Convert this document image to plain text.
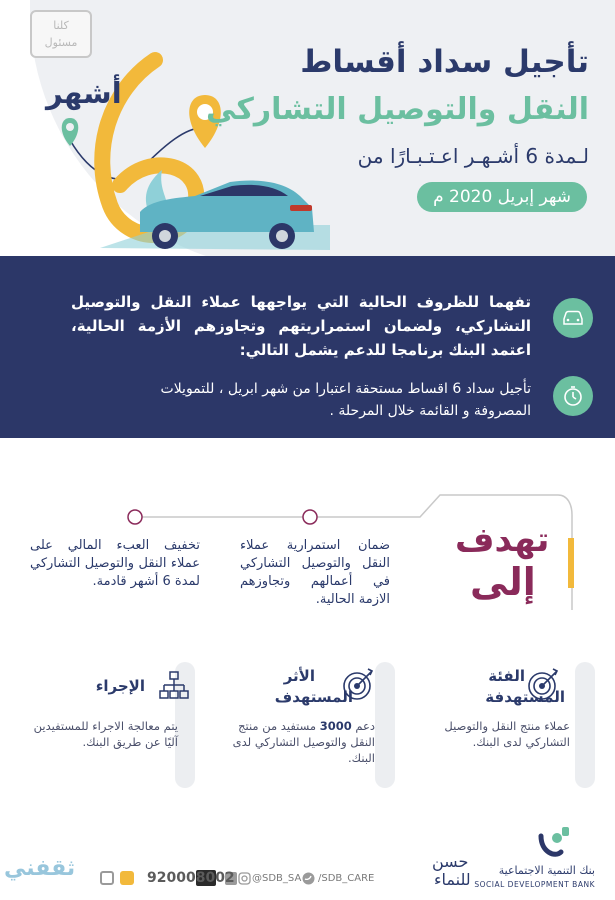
كلنا
مسئول
أشهر
تأجيل سداد أقساط
النقل والتوصيل التشاركي
لـمدة 6 أشـهـر اعـتـبـارًا من
شهر إبريل 2020 م
تفهما للظروف الحالية التي يواجهها عملاء النقل والتوصيل التشاركي، ولضمان استمراريتهم وتجاوزهم الأزمة الحالية، اعتمد البنك برنامجا للدعم يشمل التالي:
تأجيل سداد 6 اقساط مستحقة اعتبارا من شهر ابريل ، للتمويلات المصروفة و القائمة خلال المرحلة .
تهدف
إلى
ضمان استمرارية عملاء النقل والتوصيل التشاركي في أعمالهم وتجاوزهم الازمة الحالية.
تخفيف العبء المالي على عملاء النقل والتوصيل التشاركي لمدة 6 أشهر قادمة.
الفئة
المستهدفة
عملاء منتج النقل والتوصيل التشاركي لدى البنك.
الأثر
المستهدف
دعم 3000 مستفيد من منتج النقل والتوصيل التشاركي لدى البنك.
الإجراء
يتم معالجة الاجراء للمستفيدين آليًا عن طريق البنك.
بنك التنمية الاجتماعية
SOCIAL DEVELOPMENT BANK
حسن
للنماء
/SDB_CARE
@SDB_SA
920008002
ثقفني
